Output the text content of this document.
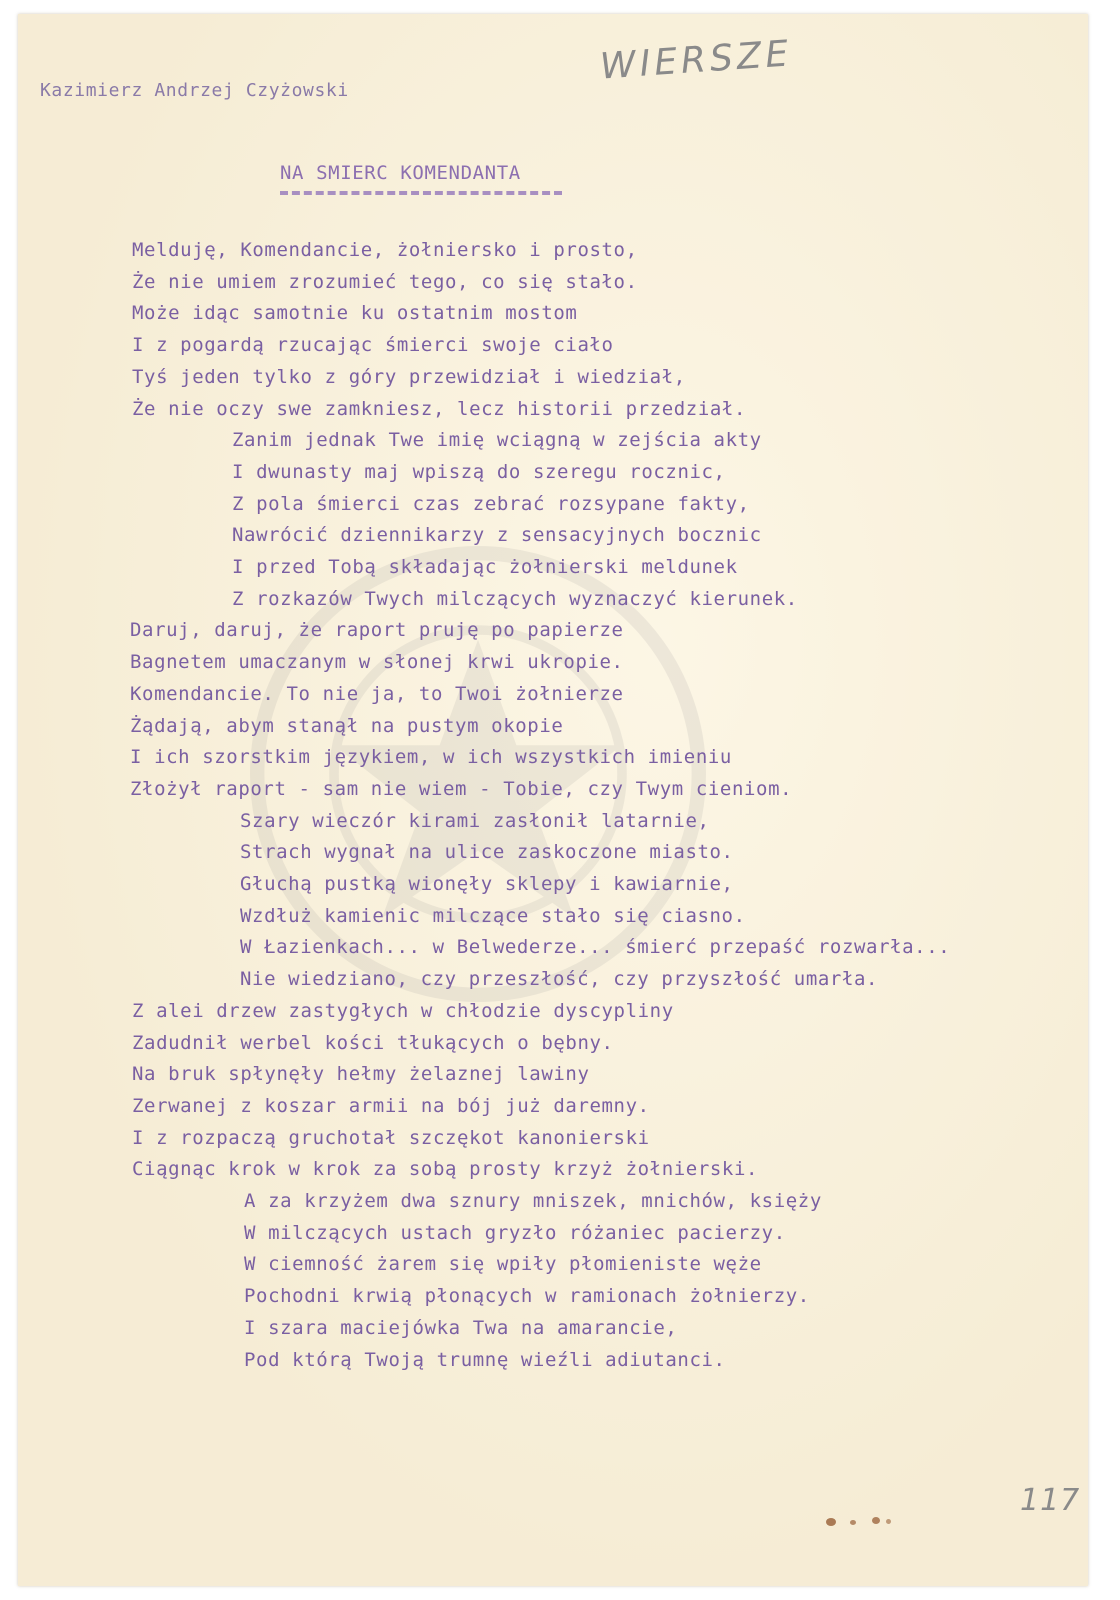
WIERSZE
Kazimierz Andrzej Czyżowski
NA SMIERC KOMENDANTA
Melduję, Komendancie, żołniersko i prosto,
Że nie umiem zrozumieć tego, co się stało.
Może idąc samotnie ku ostatnim mostom
I z pogardą rzucając śmierci swoje ciało
Tyś jeden tylko z góry przewidział i wiedział,
Że nie oczy swe zamkniesz, lecz historii przedział.
Zanim jednak Twe imię wciągną w zejścia akty
I dwunasty maj wpiszą do szeregu rocznic,
Z pola śmierci czas zebrać rozsypane fakty,
Nawrócić dziennikarzy z sensacyjnych bocznic
I przed Tobą składając żołnierski meldunek
Z rozkazów Twych milczących wyznaczyć kierunek.
Daruj, daruj, że raport pruję po papierze
Bagnetem umaczanym w słonej krwi ukropie.
Komendancie. To nie ja, to Twoi żołnierze
Żądają, abym stanął na pustym okopie
I ich szorstkim językiem, w ich wszystkich imieniu
Złożył raport - sam nie wiem - Tobie, czy Twym cieniom.
Szary wieczór kirami zasłonił latarnie,
Strach wygnał na ulice zaskoczone miasto.
Głuchą pustką wionęły sklepy i kawiarnie,
Wzdłuż kamienic milczące stało się ciasno.
W Łazienkach... w Belwederze... śmierć przepaść rozwarła...
Nie wiedziano, czy przeszłość, czy przyszłość umarła.
Z alei drzew zastygłych w chłodzie dyscypliny
Zadudnił werbel kości tłukących o bębny.
Na bruk spłynęły hełmy żelaznej lawiny
Zerwanej z koszar armii na bój już daremny.
I z rozpaczą gruchotał szczękot kanonierski
Ciągnąc krok w krok za sobą prosty krzyż żołnierski.
A za krzyżem dwa sznury mniszek, mnichów, księży
W milczących ustach gryzło różaniec pacierzy.
W ciemność żarem się wpiły płomieniste węże
Pochodni krwią płonących w ramionach żołnierzy.
I szara maciejówka Twa na amarancie,
Pod którą Twoją trumnę wieźli adiutanci.
117
